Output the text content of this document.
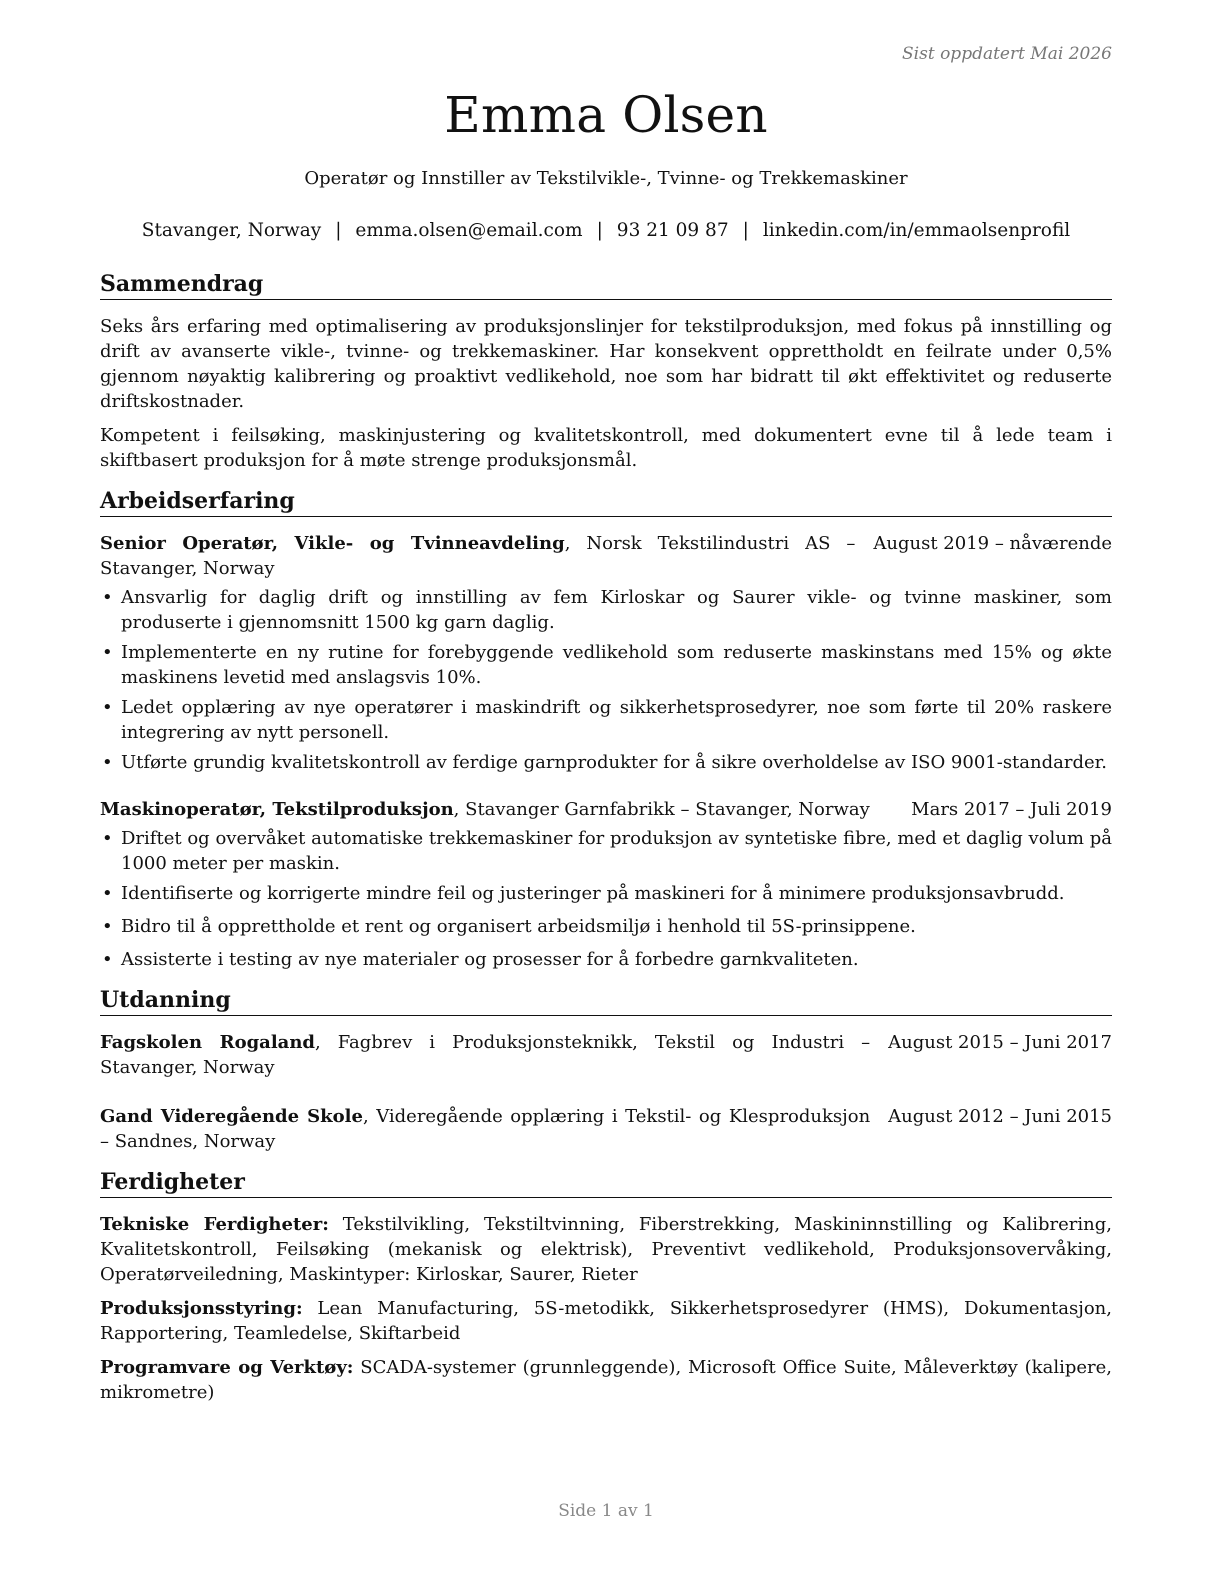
Sist oppdatert Mai 2026
Emma Olsen
Operatør og Innstiller av Tekstilvikle-, Tvinne- og Trekkemaskiner
Stavanger, Norway | emma.olsen@email.com | 93 21 09 87 | linkedin.com/in/emmaolsenprofil
Sammendrag

Seks års erfaring med optimalisering av produksjonslinjer for tekstilproduksjon, med fokus på innstilling og drift av avanserte vikle-, tvinne- og trekkemaskiner. Har konsekvent opprettholdt en feilrate under 0,5% gjennom nøyaktig kalibrering og proaktivt vedlikehold, noe som har bidratt til økt effektivitet og reduserte driftskostnader.

Kompetent i feilsøking, maskinjustering og kvalitetskontroll, med dokumentert evne til å lede team i skiftbasert produksjon for å møte strenge produksjonsmål.

Arbeidserfaring
Senior Operatør, Vikle- og Tvinneavdeling, Norsk Tekstilindustri AS – Stavanger, Norway
August 2019 – nåværende
• Ansvarlig for daglig drift og innstilling av fem Kirloskar og Saurer vikle- og tvinne maskiner, som produserte i gjennomsnitt 1500 kg garn daglig.
• Implementerte en ny rutine for forebyggende vedlikehold som reduserte maskinstans med 15% og økte maskinens levetid med anslagsvis 10%.
• Ledet opplæring av nye operatører i maskindrift og sikkerhetsprosedyrer, noe som førte til 20% raskere integrering av nytt personell.
• Utførte grundig kvalitetskontroll av ferdige garnprodukter for å sikre overholdelse av ISO 9001-standarder.
Maskinoperatør, Tekstilproduksjon, Stavanger Garnfabrikk – Stavanger, Norway	Mars 2017 – Juli 2019
• Driftet og overvåket automatiske trekkemaskiner for produksjon av syntetiske fibre, med et daglig volum på 1000 meter per maskin.
• Identifiserte og korrigerte mindre feil og justeringer på maskineri for å minimere produksjonsavbrudd.
• Bidro til å opprettholde et rent og organisert arbeidsmiljø i henhold til 5S-prinsippene.
• Assisterte i testing av nye materialer og prosesser for å forbedre garnkvaliteten.
Utdanning
Fagskolen Rogaland, Fagbrev i Produksjonsteknikk, Tekstil og Industri – Stavanger, Norway
August 2015 – Juni 2017
Gand Videregående Skole, Videregående opplæring i Tekstil- og Klesproduksjon – Sandnes, Norway
August 2012 – Juni 2015
Ferdigheter

Tekniske Ferdigheter: Tekstilvikling, Tekstiltvinning, Fiberstrekking, Maskininnstilling og Kalibrering, Kvalitetskontroll, Feilsøking (mekanisk og elektrisk), Preventivt vedlikehold, Produksjonsovervåking, Operatørveiledning, Maskintyper: Kirloskar, Saurer, Rieter

Produksjonsstyring: Lean Manufacturing, 5S-metodikk, Sikkerhetsprosedyrer (HMS), Dokumentasjon, Rapportering, Teamledelse, Skiftarbeid

Programvare og Verktøy: SCADA-systemer (grunnleggende), Microsoft Office Suite, Måleverktøy (kalipere, mikrometre)

Side 1 av 1
